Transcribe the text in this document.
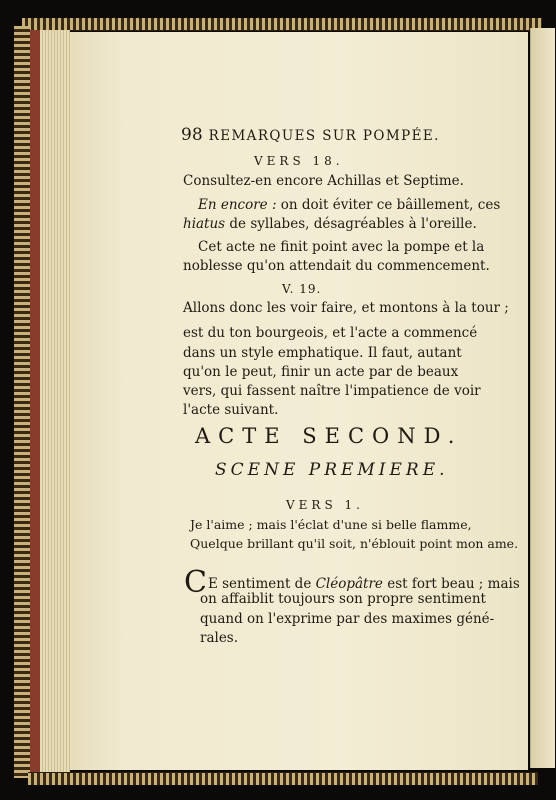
98 REMARQUES SUR POMPÉE.
VERS 18.
Consultez-en encore Achillas et Septime.
En encore : on doit éviter ce bâillement, ces
hiatus de syllabes, désagréables à l'oreille.
Cet acte ne finit point avec la pompe et la
noblesse qu'on attendait du commencement.
V. 19.
Allons donc les voir faire, et montons à la tour ;
est du ton bourgeois, et l'acte a commencé
dans un style emphatique. Il faut, autant
qu'on le peut, finir un acte par de beaux
vers, qui fassent naître l'impatience de voir
l'acte suivant.
ACTE SECOND.
SCENE PREMIERE.
VERS 1.
Je l'aime ; mais l'éclat d'une si belle flamme,
Quelque brillant qu'il soit, n'éblouit point mon ame.
CE sentiment de Cléopâtre est fort beau ; mais
on affaiblit toujours son propre sentiment
quand on l'exprime par des maximes géné-
rales.
